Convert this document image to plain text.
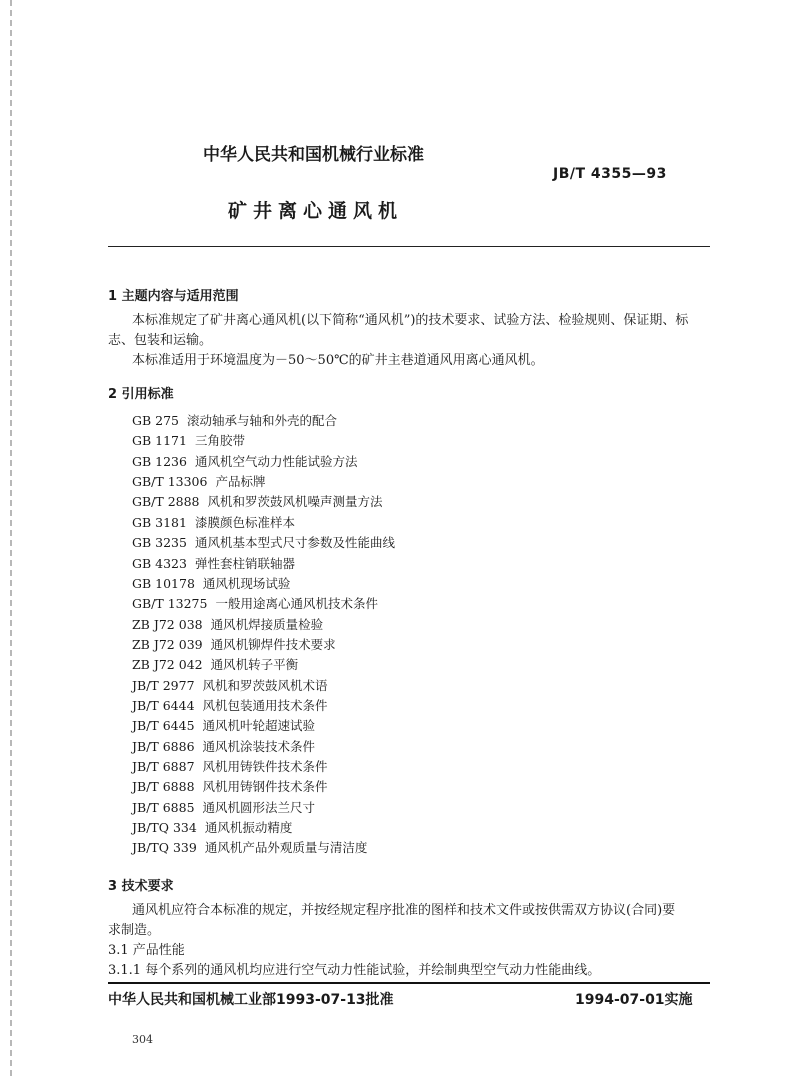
中华人民共和国机械行业标准
JB/T 4355—93
矿井离心通风机
1 主题内容与适用范围
本标准规定了矿井离心通风机(以下简称“通风机”)的技术要求、试验方法、检验规则、保证期、标
志、包装和运输。
本标准适用于环境温度为－50～50℃的矿井主巷道通风用离心通风机。
2 引用标准
GB 275 滚动轴承与轴和外壳的配合
GB 1171 三角胶带
GB 1236 通风机空气动力性能试验方法
GB/T 13306 产品标牌
GB/T 2888 风机和罗茨鼓风机噪声测量方法
GB 3181 漆膜颜色标准样本
GB 3235 通风机基本型式尺寸参数及性能曲线
GB 4323 弹性套柱销联轴器
GB 10178 通风机现场试验
GB/T 13275 一般用途离心通风机技术条件
ZB J72 038 通风机焊接质量检验
ZB J72 039 通风机铆焊件技术要求
ZB J72 042 通风机转子平衡
JB/T 2977 风机和罗茨鼓风机术语
JB/T 6444 风机包装通用技术条件
JB/T 6445 通风机叶轮超速试验
JB/T 6886 通风机涂装技术条件
JB/T 6887 风机用铸铁件技术条件
JB/T 6888 风机用铸钢件技术条件
JB/T 6885 通风机圆形法兰尺寸
JB/TQ 334 通风机振动精度
JB/TQ 339 通风机产品外观质量与清洁度
3 技术要求
通风机应符合本标准的规定，并按经规定程序批准的图样和技术文件或按供需双方协议(合同)要
求制造。
3.1 产品性能
3.1.1 每个系列的通风机均应进行空气动力性能试验，并绘制典型空气动力性能曲线。
中华人民共和国机械工业部1993-07-13批准	1994-07-01实施
304
